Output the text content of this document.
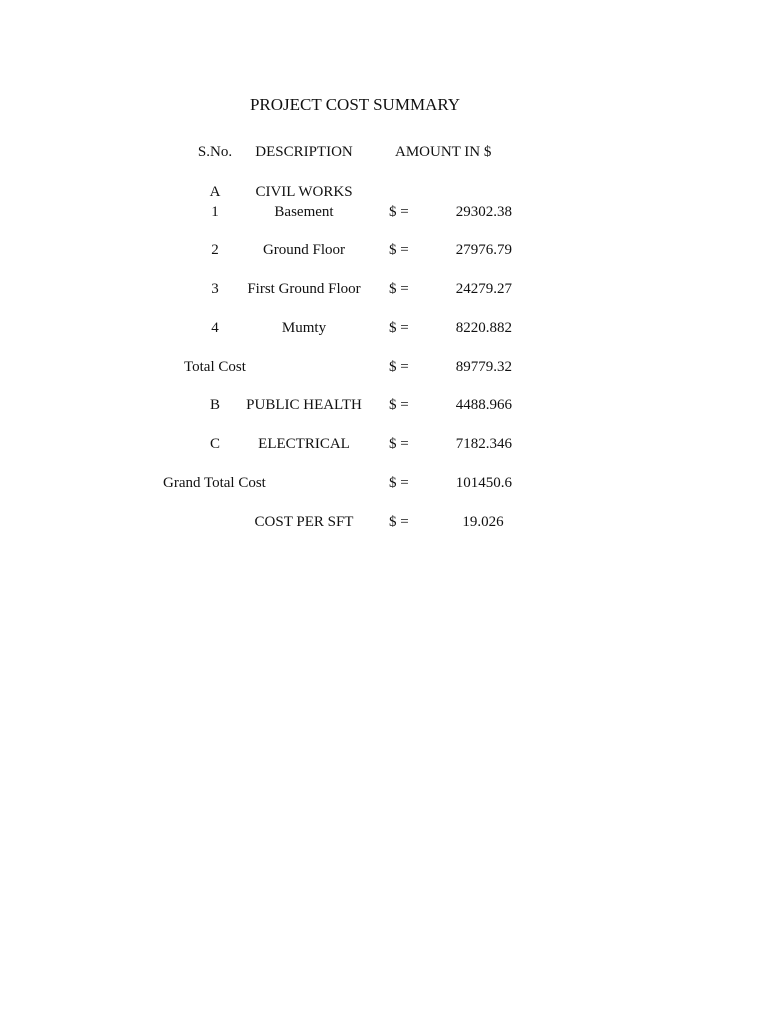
PROJECT COST SUMMARY
S.No.	DESCRIPTION	AMOUNT IN $
A	CIVIL WORKS
1	Basement	$ =	29302.38
2	Ground Floor	$ =	27976.79
3	First Ground Floor	$ =	24279.27
4	Mumty	$ =	8220.882
Total Cost	$ =	89779.32
B	PUBLIC HEALTH	$ =	4488.966
C	ELECTRICAL	$ =	7182.346
Grand Total Cost	$ =	101450.6
COST PER SFT	$ =	19.026
